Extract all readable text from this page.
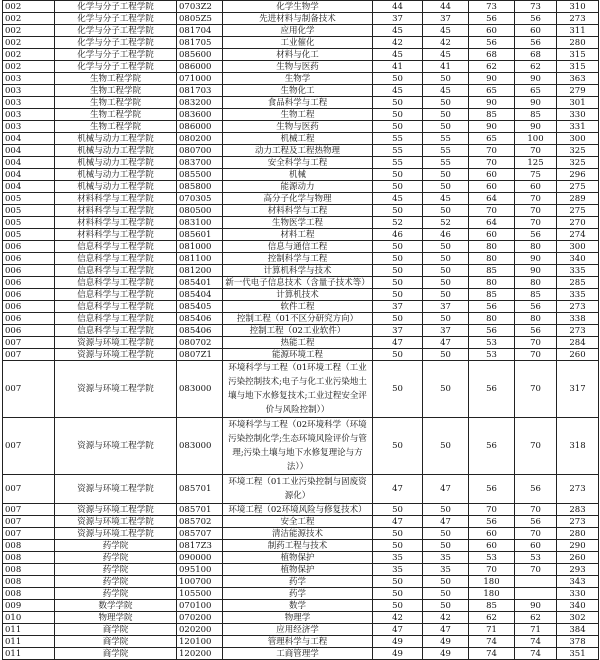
002	化学与分子工程学院	0703Z2	化学生物学	44	44	73	73	310
002	化学与分子工程学院	0805Z5	先进材料与制备技术	37	37	56	56	273
002	化学与分子工程学院	081704	应用化学	45	45	60	60	311
002	化学与分子工程学院	081705	工业催化	42	42	56	56	280
002	化学与分子工程学院	085600	材料与化工	45	45	68	68	315
002	化学与分子工程学院	086000	生物与医药	41	41	62	62	315
003	生物工程学院	071000	生物学	50	50	90	90	363
003	生物工程学院	081703	生物化工	45	45	65	65	279
003	生物工程学院	083200	食品科学与工程	50	50	90	90	301
003	生物工程学院	083600	生物工程	50	50	85	85	330
003	生物工程学院	086000	生物与医药	50	50	90	90	331
004	机械与动力工程学院	080200	机械工程	55	55	65	100	300
004	机械与动力工程学院	080700	动力工程及工程热物理	55	55	70	70	325
004	机械与动力工程学院	083700	安全科学与工程	55	55	70	125	325
004	机械与动力工程学院	085500	机械	50	50	60	75	296
004	机械与动力工程学院	085800	能源动力	50	50	60	60	275
005	材料科学与工程学院	070305	高分子化学与物理	45	45	64	70	289
005	材料科学与工程学院	080500	材料科学与工程	50	50	70	70	275
005	材料科学与工程学院	083100	生物医学工程	52	52	64	70	270
005	材料科学与工程学院	085601	材料工程	46	46	60	56	274
006	信息科学与工程学院	081000	信息与通信工程	50	50	80	80	300
006	信息科学与工程学院	081100	控制科学与工程	50	50	80	90	340
006	信息科学与工程学院	081200	计算机科学与技术	50	50	85	90	335
006	信息科学与工程学院	085401	新一代电子信息技术（含量子技术等）	50	50	80	80	285
006	信息科学与工程学院	085404	计算机技术	50	50	85	85	335
006	信息科学与工程学院	085405	软件工程	37	37	56	56	273
006	信息科学与工程学院	085406	控制工程（01不区分研究方向）	50	50	80	80	338
006	信息科学与工程学院	085406	控制工程（02工业软件）	37	37	56	56	273
007	资源与环境工程学院	080702	热能工程	47	47	53	70	284
007	资源与环境工程学院	0807Z1	能源环境工程	50	50	53	70	260
007	资源与环境工程学院	083000	环境科学与工程（01环境工程（工业污染控制技术;电子与化工业污染地土壤与地下水修复技术;工业过程安全评价与风险控制））	50	50	56	70	317
007	资源与环境工程学院	083000	环境科学与工程（02环境科学（环境污染控制化学;生态环境风险评价与管理;污染土壤与地下水修复理论与方法））	50	50	56	70	318
007	资源与环境工程学院	085701	环境工程（01工业污染控制与固废资源化）	47	47	56	56	273
007	资源与环境工程学院	085701	环境工程（02环境风险与修复技术）	50	50	70	70	283
007	资源与环境工程学院	085702	安全工程	47	47	56	56	273
007	资源与环境工程学院	085707	清洁能源技术	50	50	60	70	280
008	药学院	0817Z3	制药工程与技术	50	50	60	60	290
008	药学院	090000	植物保护	35	35	53	53	260
008	药学院	095100	植物保护	35	35	70	70	293
008	药学院	100700	药学	50	50	180		343
008	药学院	105500	药学	50	50	180		330
009	数学学院	070100	数学	50	50	85	90	340
010	物理学院	070200	物理学	42	42	62	62	302
011	商学院	020200	应用经济学	47	47	71	71	384
011	商学院	120100	管理科学与工程	49	49	74	74	378
011	商学院	120200	工商管理学	49	49	74	74	351
